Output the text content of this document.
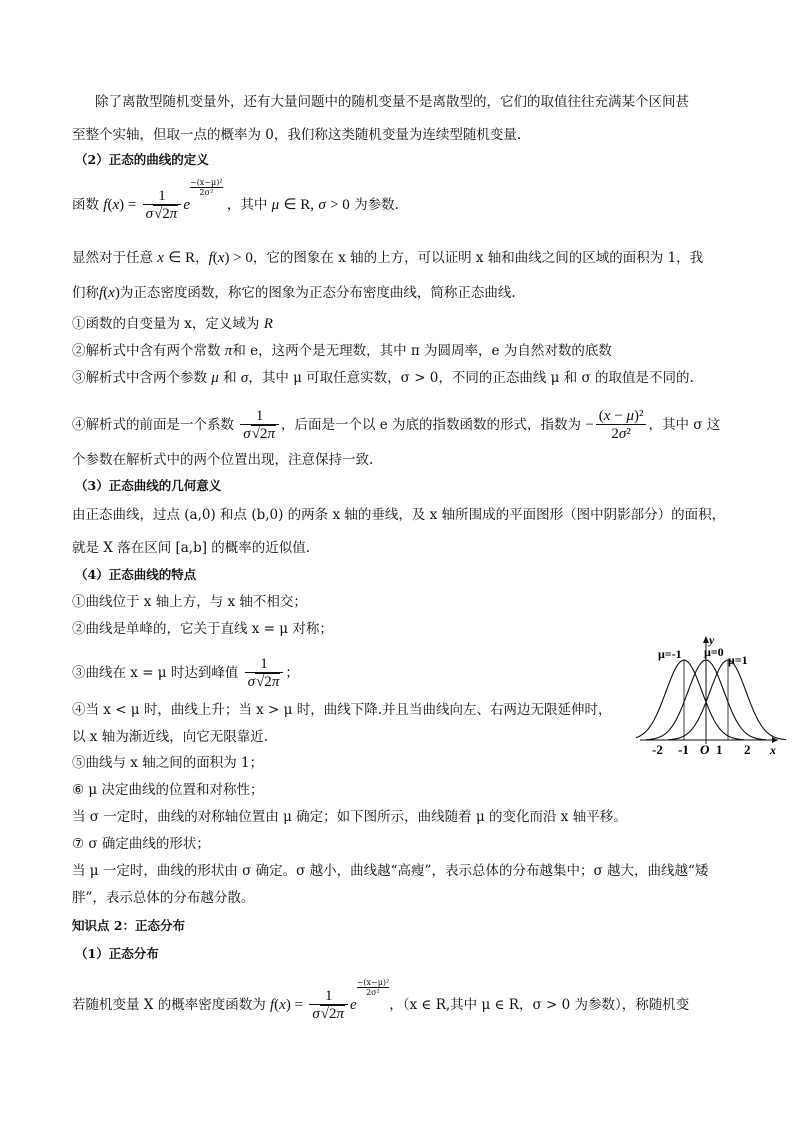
除了离散型随机变量外，还有大量问题中的随机变量不是离散型的，它们的取值往往充满某个区间甚
至整个实轴，但取一点的概率为 0，我们称这类随机变量为连续型随机变量.
（2）正态的曲线的定义
函数 $f(x) = \frac{1}{\sigma√2\pi}$ e
$\frac{\text{−(x−μ)²}}{\text{2σ²}}$ ，其中 μ ∈ R, σ > 0 为参数.
显然对于任意 x ∈ R，f(x) > 0，它的图象在 x 轴的上方，可以证明 x 轴和曲线之间的区域的面积为 1，我
们称f(x)为正态密度函数，称它的图象为正态分布密度曲线，简称正态曲线.
①函数的自变量为 x，定义域为 R
②解析式中含有两个常数 π和 e，这两个是无理数，其中 π 为圆周率，e 为自然对数的底数
③解析式中含两个参数 μ 和 σ，其中 μ 可取任意实数，σ > 0，不同的正态曲线 μ 和 σ 的取值是不同的.
④解析式的前面是一个系数 $\frac{1}{\sigma√2\pi}$ ，后面是一个以 e 为底的指数函数的形式，指数为 − $\frac{\text{(x − μ)²}}{\text{2σ²}}$ ，其中 σ 这
个参数在解析式中的两个位置出现，注意保持一致.
（3）正态曲线的几何意义
由正态曲线，过点 (a,0) 和点 (b,0) 的两条 x 轴的垂线，及 x 轴所围成的平面图形（图中阴影部分）的面积，
就是 X 落在区间 [a,b] 的概率的近似值.
（4）正态曲线的特点
①曲线位于 x 轴上方，与 x 轴不相交；
②曲线是单峰的，它关于直线 x = μ 对称；
③曲线在 x = μ 时达到峰值 $\frac{1}{\sigma√2\pi}$ ；
④当 x < μ 时，曲线上升；当 x > μ 时，曲线下降.并且当曲线向左、右两边无限延伸时，
以 x 轴为渐近线，向它无限靠近.
⑤曲线与 x 轴之间的面积为 1；
⑥ μ 决定曲线的位置和对称性；
当 σ 一定时，曲线的对称轴位置由 μ 确定；如下图所示，曲线随着 μ 的变化而沿 x 轴平移。
⑦ σ 确定曲线的形状；
当 μ 一定时，曲线的形状由 σ 确定。σ 越小，曲线越“高瘦”，表示总体的分布越集中；σ 越大，曲线越“矮
胖”，表示总体的分布越分散。
知识点 2：正态分布
（1）正态分布
若随机变量 X 的概率密度函数为 $f(x) = \frac{1}{\sigma√2\pi}$ e
$\frac{\text{−(x−μ)²}}{\text{2σ²}}$，（x ∈ R,其中 μ ∈ R，σ > 0 为参数），称随机变
μ=-1 μ=0
μ=1
y
x
-2 -1 O 1 2
